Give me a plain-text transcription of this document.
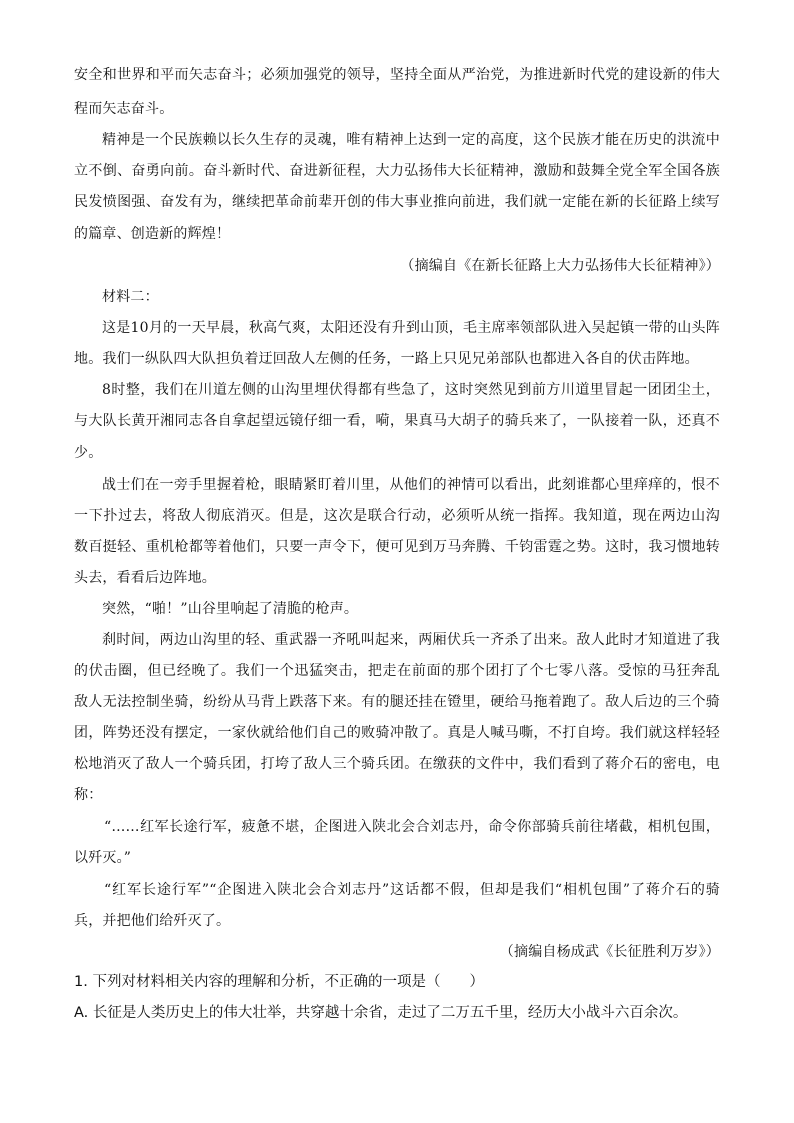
安全和世界和平而矢志奋斗；必须加强党的领导，坚持全面从严治党，为推进新时代党的建设新的伟大
程而矢志奋斗。
精神是一个民族赖以长久生存的灵魂，唯有精神上达到一定的高度，这个民族才能在历史的洪流中
立不倒、奋勇向前。奋斗新时代、奋进新征程，大力弘扬伟大长征精神，激励和鼓舞全党全军全国各族
民发愤图强、奋发有为，继续把革命前辈开创的伟大事业推向前进，我们就一定能在新的长征路上续写
的篇章、创造新的辉煌！
（摘编自《在新长征路上大力弘扬伟大长征精神》）
材料二：
这是10月的一天早晨，秋高气爽，太阳还没有升到山顶，毛主席率领部队进入吴起镇一带的山头阵
地。我们一纵队四大队担负着迂回敌人左侧的任务，一路上只见兄弟部队也都进入各自的伏击阵地。
8时整，我们在川道左侧的山沟里埋伏得都有些急了，这时突然见到前方川道里冒起一团团尘土，
与大队长黄开湘同志各自拿起望远镜仔细一看，嗬，果真马大胡子的骑兵来了，一队接着一队，还真不
少。
战士们在一旁手里握着枪，眼睛紧盯着川里，从他们的神情可以看出，此刻谁都心里痒痒的，恨不
一下扑过去，将敌人彻底消灭。但是，这次是联合行动，必须听从统一指挥。我知道，现在两边山沟
数百挺轻、重机枪都等着他们，只要一声令下，便可见到万马奔腾、千钧雷霆之势。这时，我习惯地转
头去，看看后边阵地。
突然，“啪！”山谷里响起了清脆的枪声。
刹时间，两边山沟里的轻、重武器一齐吼叫起来，两厢伏兵一齐杀了出来。敌人此时才知道进了我
的伏击圈，但已经晚了。我们一个迅猛突击，把走在前面的那个团打了个七零八落。受惊的马狂奔乱
敌人无法控制坐骑，纷纷从马背上跌落下来。有的腿还挂在镫里，硬给马拖着跑了。敌人后边的三个骑
团，阵势还没有摆定，一家伙就给他们自己的败骑冲散了。真是人喊马嘶，不打自垮。我们就这样轻轻
松地消灭了敌人一个骑兵团，打垮了敌人三个骑兵团。在缴获的文件中，我们看到了蒋介石的密电，电
称：
“……红军长途行军，疲惫不堪，企图进入陕北会合刘志丹，命令你部骑兵前往堵截，相机包围，
以歼灭。”
“红军长途行军”“企图进入陕北会合刘志丹”这话都不假，但却是我们“相机包围”了蒋介石的骑
兵，并把他们给歼灭了。
（摘编自杨成武《长征胜利万岁》）
1. 下列对材料相关内容的理解和分析，不正确的一项是（　　）
A. 长征是人类历史上的伟大壮举，共穿越十余省，走过了二万五千里，经历大小战斗六百余次。
